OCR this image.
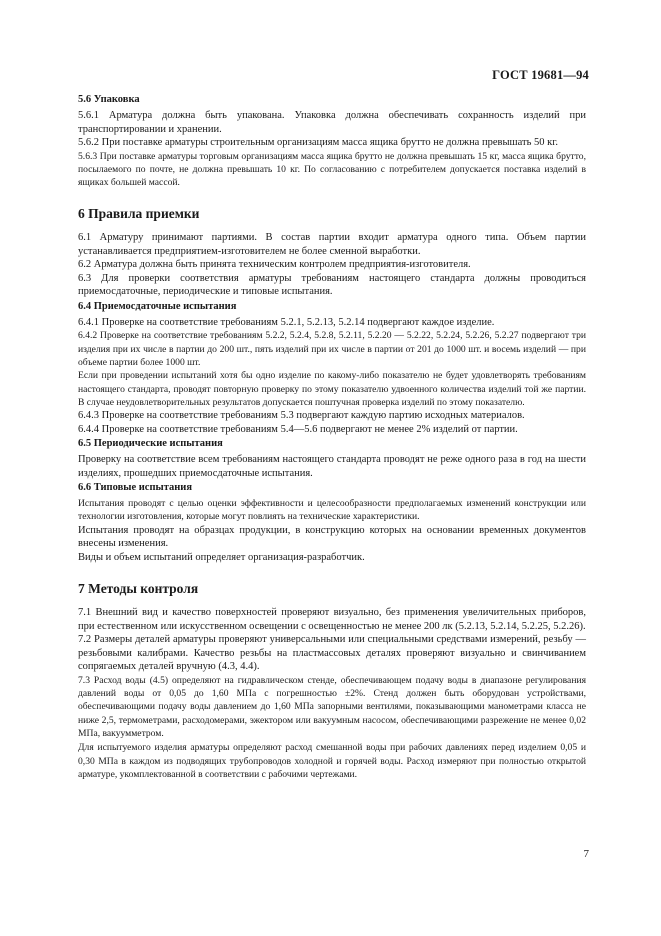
ГОСТ 19681—94
5.6 Упаковка

5.6.1 Арматура должна быть упакована. Упаковка должна обеспечивать сохранность изделий при транспортировании и хранении.

5.6.2 При поставке арматуры строительным организациям масса ящика брутто не должна превышать 50 кг.

5.6.3 При поставке арматуры торговым организациям масса ящика брутто не должна превышать 15 кг, масса ящика брутто, посылаемого по почте, не должна превышать 10 кг. По согласованию с потребителем допускается поставка изделий в ящиках большей массой.

6 Правила приемки

6.1 Арматуру принимают партиями. В состав партии входит арматура одного типа. Объем партии устанавливается предприятием-изготовителем не более сменной выработки.

6.2 Арматура должна быть принята техническим контролем предприятия-изготовителя.

6.3 Для проверки соответствия арматуры требованиям настоящего стандарта должны проводиться приемосдаточные, периодические и типовые испытания.

6.4 Приемосдаточные испытания

6.4.1 Проверке на соответствие требованиям 5.2.1, 5.2.13, 5.2.14 подвергают каждое изделие.

6.4.2 Проверке на соответствие требованиям 5.2.2, 5.2.4, 5.2.8, 5.2.11, 5.2.20 — 5.2.22, 5.2.24, 5.2.26, 5.2.27 подвергают три изделия при их числе в партии до 200 шт., пять изделий при их числе в партии от 201 до 1000 шт. и восемь изделий — при объеме партии более 1000 шт.

Если при проведении испытаний хотя бы одно изделие по какому-либо показателю не будет удовлетворять требованиям настоящего стандарта, проводят повторную проверку по этому показателю удвоенного количества изделий той же партии. В случае неудовлетворительных результатов допускается поштучная проверка изделий по этому показателю.

6.4.3 Проверке на соответствие требованиям 5.3 подвергают каждую партию исходных материалов.

6.4.4 Проверке на соответствие требованиям 5.4—5.6 подвергают не менее 2% изделий от партии.

6.5 Периодические испытания

Проверку на соответствие всем требованиям настоящего стандарта проводят не реже одного раза в год на шести изделиях, прошедших приемосдаточные испытания.

6.6 Типовые испытания

Испытания проводят с целью оценки эффективности и целесообразности предполагаемых изменений конструкции или технологии изготовления, которые могут повлиять на технические характеристики.

Испытания проводят на образцах продукции, в конструкцию которых на основании временных документов внесены изменения.

Виды и объем испытаний определяет организация-разработчик.

7 Методы контроля

7.1 Внешний вид и качество поверхностей проверяют визуально, без применения увеличительных приборов, при естественном или искусственном освещении с освещенностью не менее 200 лк (5.2.13, 5.2.14, 5.2.25, 5.2.26).

7.2 Размеры деталей арматуры проверяют универсальными или специальными средствами измерений, резьбу — резьбовыми калибрами. Качество резьбы на пластмассовых деталях проверяют визуально и свинчиванием сопрягаемых деталей вручную (4.3, 4.4).

7.3 Расход воды (4.5) определяют на гидравлическом стенде, обеспечивающем подачу воды в диапазоне регулирования давлений воды от 0,05 до 1,60 МПа с погрешностью ±2%. Стенд должен быть оборудован устройствами, обеспечивающими подачу воды давлением до 1,60 МПа запорными вентилями, показывающими манометрами класса не ниже 2,5, термометрами, расходомерами, эжектором или вакуумным насосом, обеспечивающими разрежение не менее 0,02 МПа, вакуумметром.

Для испытуемого изделия арматуры определяют расход смешанной воды при рабочих давлениях перед изделием 0,05 и 0,30 МПа в каждом из подводящих трубопроводов холодной и горячей воды. Расход измеряют при полностью открытой арматуре, укомплектованной в соответствии с рабочими чертежами.

7
